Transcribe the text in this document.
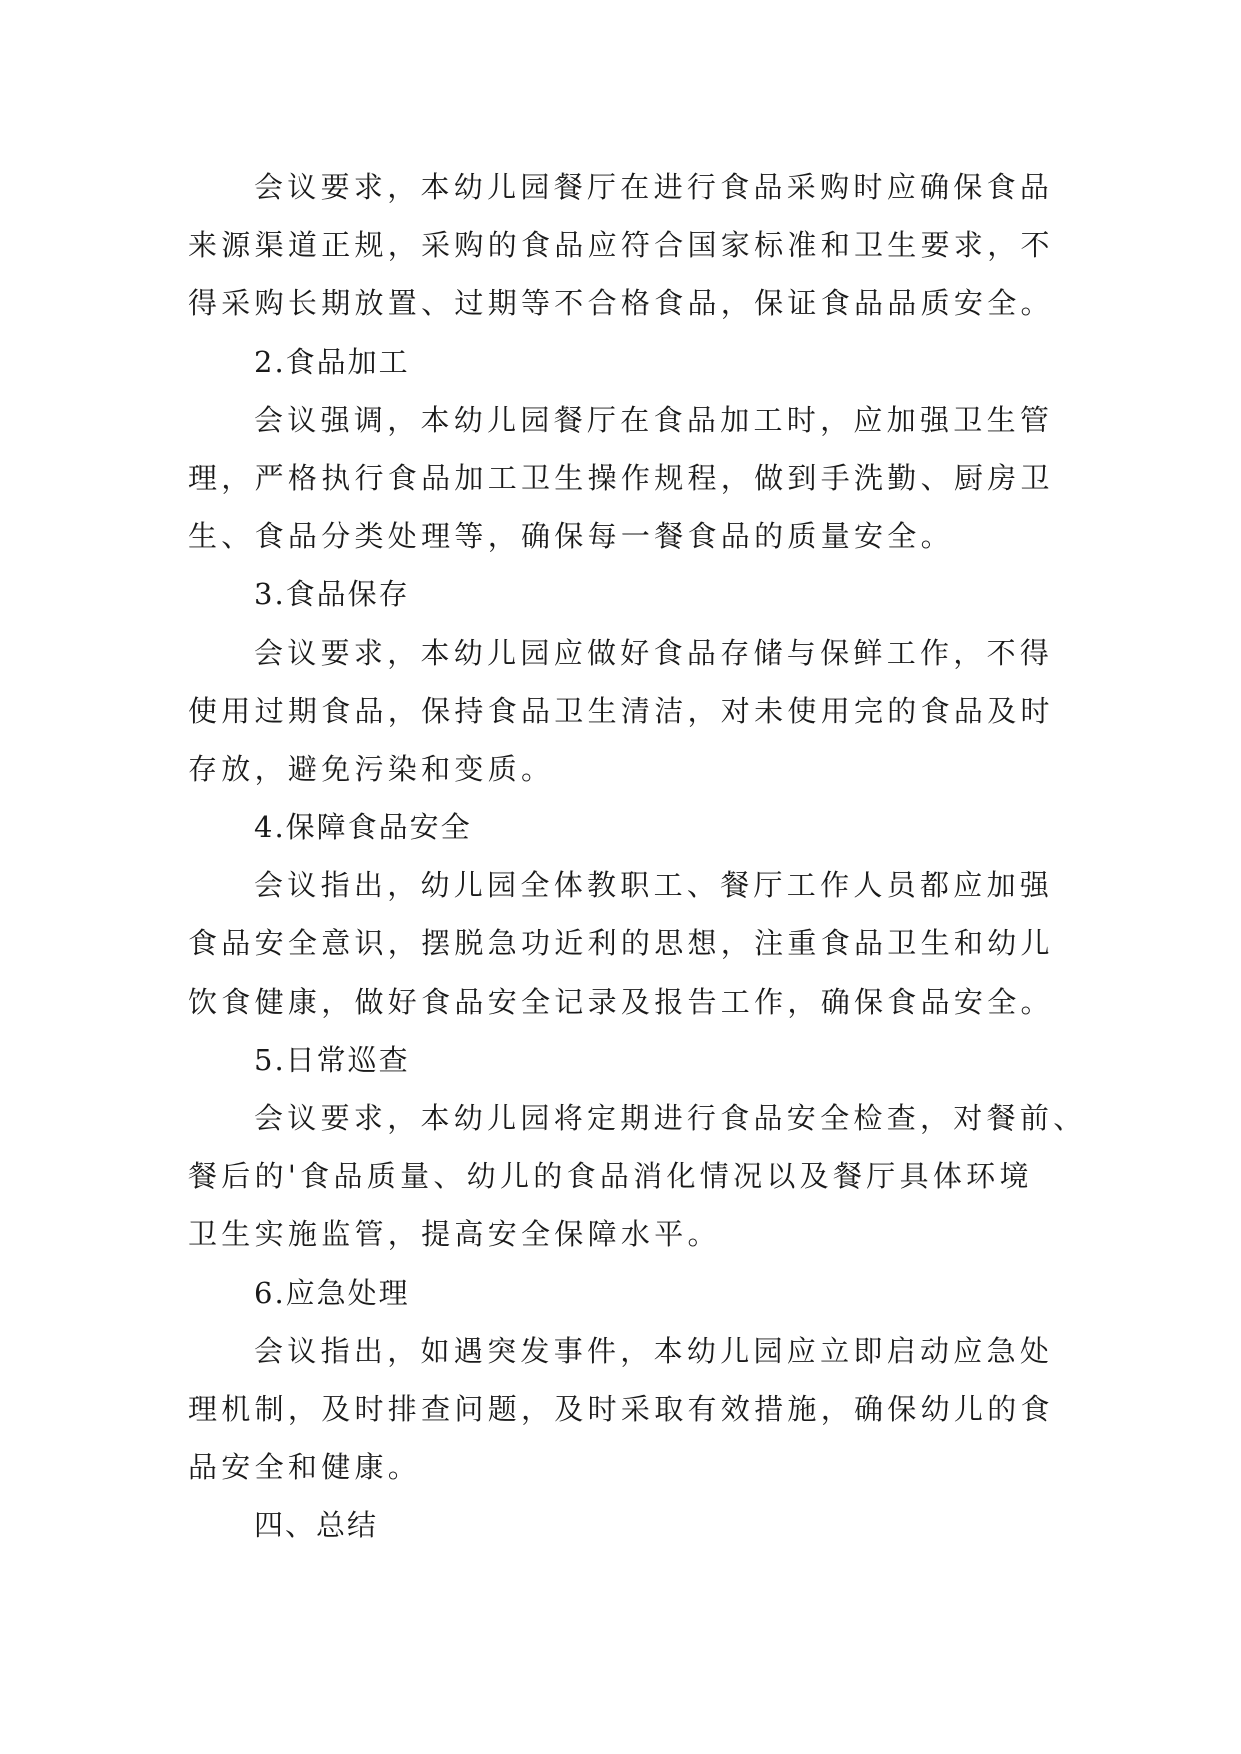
会议要求，本幼儿园餐厅在进行食品采购时应确保食品
来源渠道正规，采购的食品应符合国家标准和卫生要求，不
得采购长期放置、过期等不合格食品，保证食品品质安全。
2.食品加工
会议强调，本幼儿园餐厅在食品加工时，应加强卫生管
理，严格执行食品加工卫生操作规程，做到手洗勤、厨房卫
生、食品分类处理等，确保每一餐食品的质量安全。
3.食品保存
会议要求，本幼儿园应做好食品存储与保鲜工作，不得
使用过期食品，保持食品卫生清洁，对未使用完的食品及时
存放，避免污染和变质。
4.保障食品安全
会议指出，幼儿园全体教职工、餐厅工作人员都应加强
食品安全意识，摆脱急功近利的思想，注重食品卫生和幼儿
饮食健康，做好食品安全记录及报告工作，确保食品安全。
5.日常巡查
会议要求，本幼儿园将定期进行食品安全检查，对餐前、
餐后的'食品质量、幼儿的食品消化情况以及餐厅具体环境
卫生实施监管，提高安全保障水平。
6.应急处理
会议指出，如遇突发事件，本幼儿园应立即启动应急处
理机制，及时排查问题，及时采取有效措施，确保幼儿的食
品安全和健康。
四、总结
